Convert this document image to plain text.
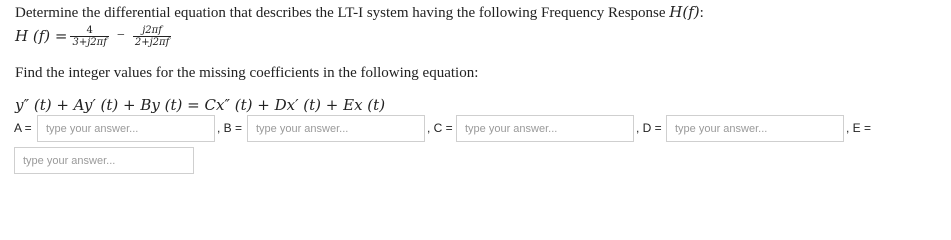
Determine the differential equation that describes the LT-I system having the following Frequency Response H(f):
H $(f) = \frac{4}{3+j2\pi f} - \frac{j2\pi f}{2+j2\pi f}$
Find the integer values for the missing coefficients in the following equation:
y″ (t) + Ay′ (t) + By (t) = Cx″ (t) + Dx′ (t) + Ex (t)
A =
type your answer...	, B =
type your answer...	, C =
type your answer...	, D =
type your answer...	, E =
type your answer...
